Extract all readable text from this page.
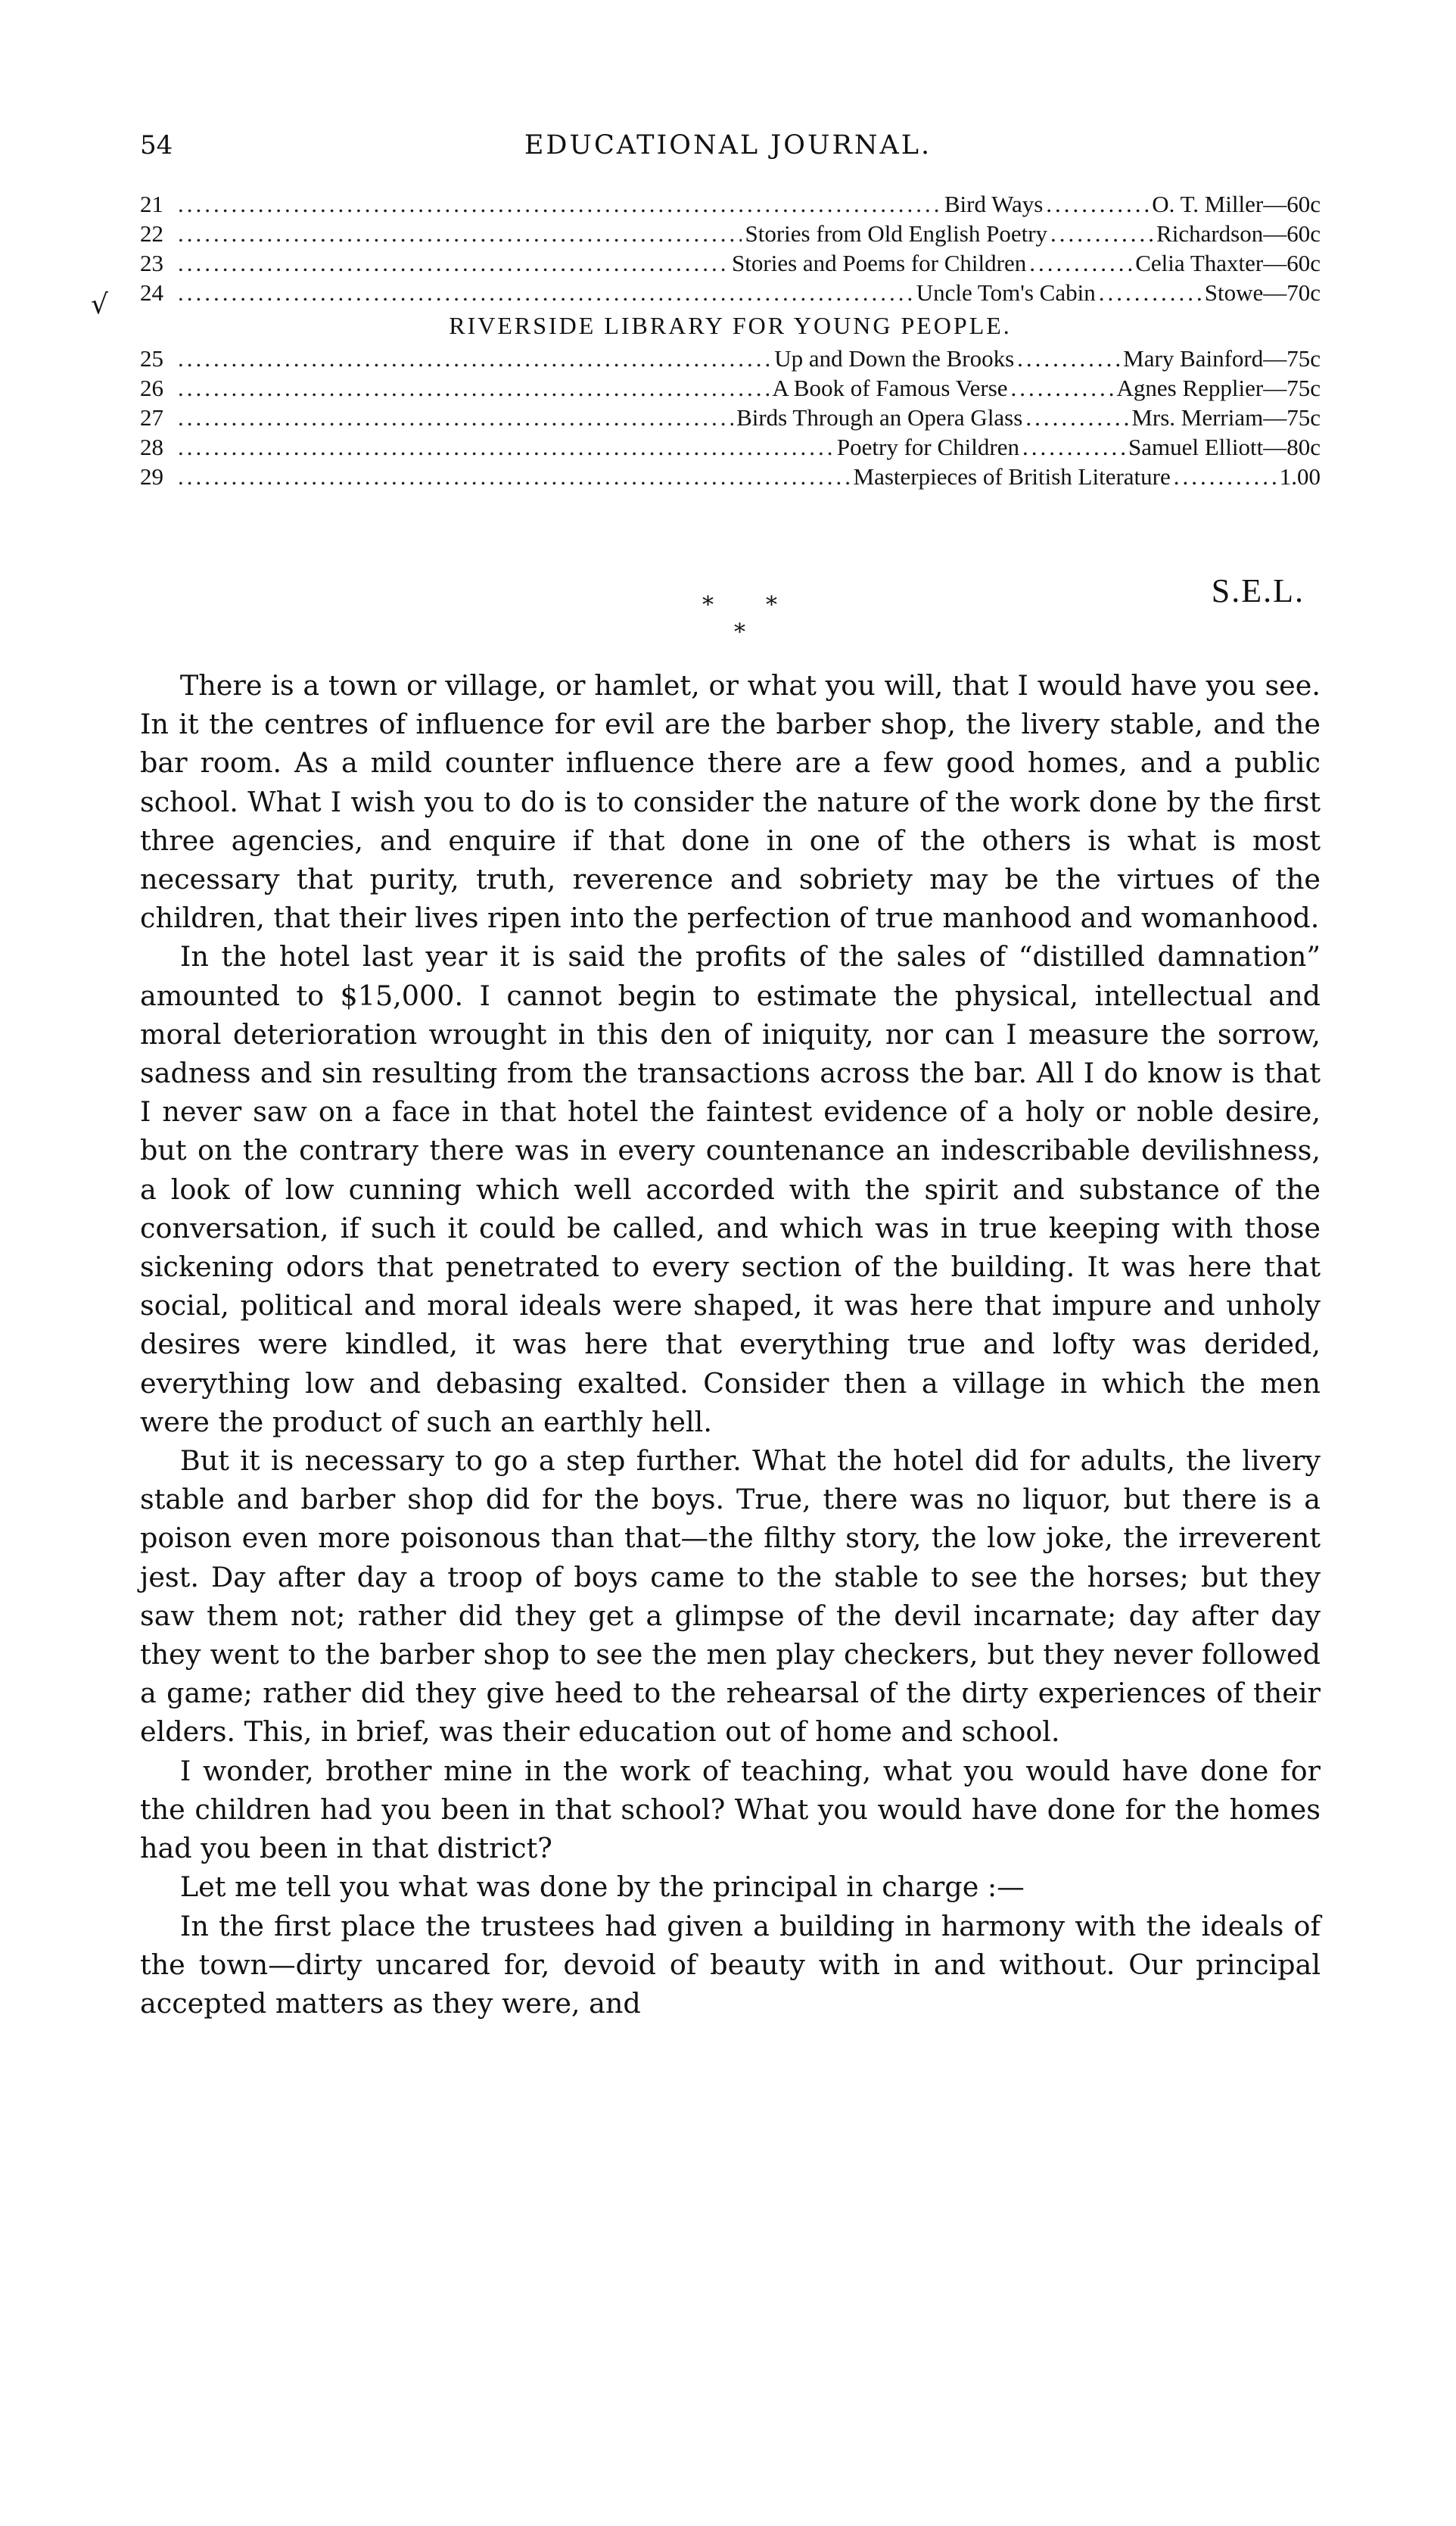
54	EDUCATIONAL JOURNAL.
√
21 .....	Bird Ways .....	O. T. Miller—60c
22 .....	Stories from Old English Poetry .....	Richardson—60c
23 .....	Stories and Poems for Children .....	Celia Thaxter—60c
24 .....	Uncle Tom's Cabin .....	Stowe—70c
RIVERSIDE LIBRARY FOR YOUNG PEOPLE.
25 .....	Up and Down the Brooks .....	Mary Bainford—75c
26 .....	A Book of Famous Verse .....	Agnes Repplier—75c
27 .....	Birds Through an Opera Glass .....	Mrs. Merriam—75c
28 .....	Poetry for Children .....	Samuel Elliott—80c
29 .....	Masterpieces of British Literature .....	1.00
S.E.L.
* *
*

There is a town or village, or hamlet, or what you will, that I would have you see. In it the centres of influence for evil are the barber shop, the livery stable, and the bar room. As a mild counter influence there are a few good homes, and a public school. What I wish you to do is to consider the nature of the work done by the first three agencies, and enquire if that done in one of the others is what is most necessary that purity, truth, reverence and sobriety may be the virtues of the children, that their lives ripen into the perfection of true manhood and womanhood.

In the hotel last year it is said the profits of the sales of “distilled damnation” amounted to $15,000. I cannot begin to estimate the physical, intellectual and moral deterioration wrought in this den of iniquity, nor can I measure the sorrow, sadness and sin resulting from the transactions across the bar. All I do know is that I never saw on a face in that hotel the faintest evidence of a holy or noble desire, but on the contrary there was in every countenance an indescribable devilishness, a look of low cunning which well accorded with the spirit and substance of the conversation, if such it could be called, and which was in true keeping with those sickening odors that penetrated to every section of the building. It was here that social, political and moral ideals were shaped, it was here that impure and unholy desires were kindled, it was here that everything true and lofty was derided, everything low and debasing exalted. Consider then a village in which the men were the product of such an earthly hell.

But it is necessary to go a step further. What the hotel did for adults, the livery stable and barber shop did for the boys. True, there was no liquor, but there is a poison even more poisonous than that—the filthy story, the low joke, the irreverent jest. Day after day a troop of boys came to the stable to see the horses; but they saw them not; rather did they get a glimpse of the devil incarnate; day after day they went to the barber shop to see the men play checkers, but they never followed a game; rather did they give heed to the rehearsal of the dirty experiences of their elders. This, in brief, was their education out of home and school.

I wonder, brother mine in the work of teaching, what you would have done for the children had you been in that school? What you would have done for the homes had you been in that district?

Let me tell you what was done by the principal in charge :—

In the first place the trustees had given a building in harmony with the ideals of the town—dirty uncared for, devoid of beauty with in and without. Our principal accepted matters as they were, and
